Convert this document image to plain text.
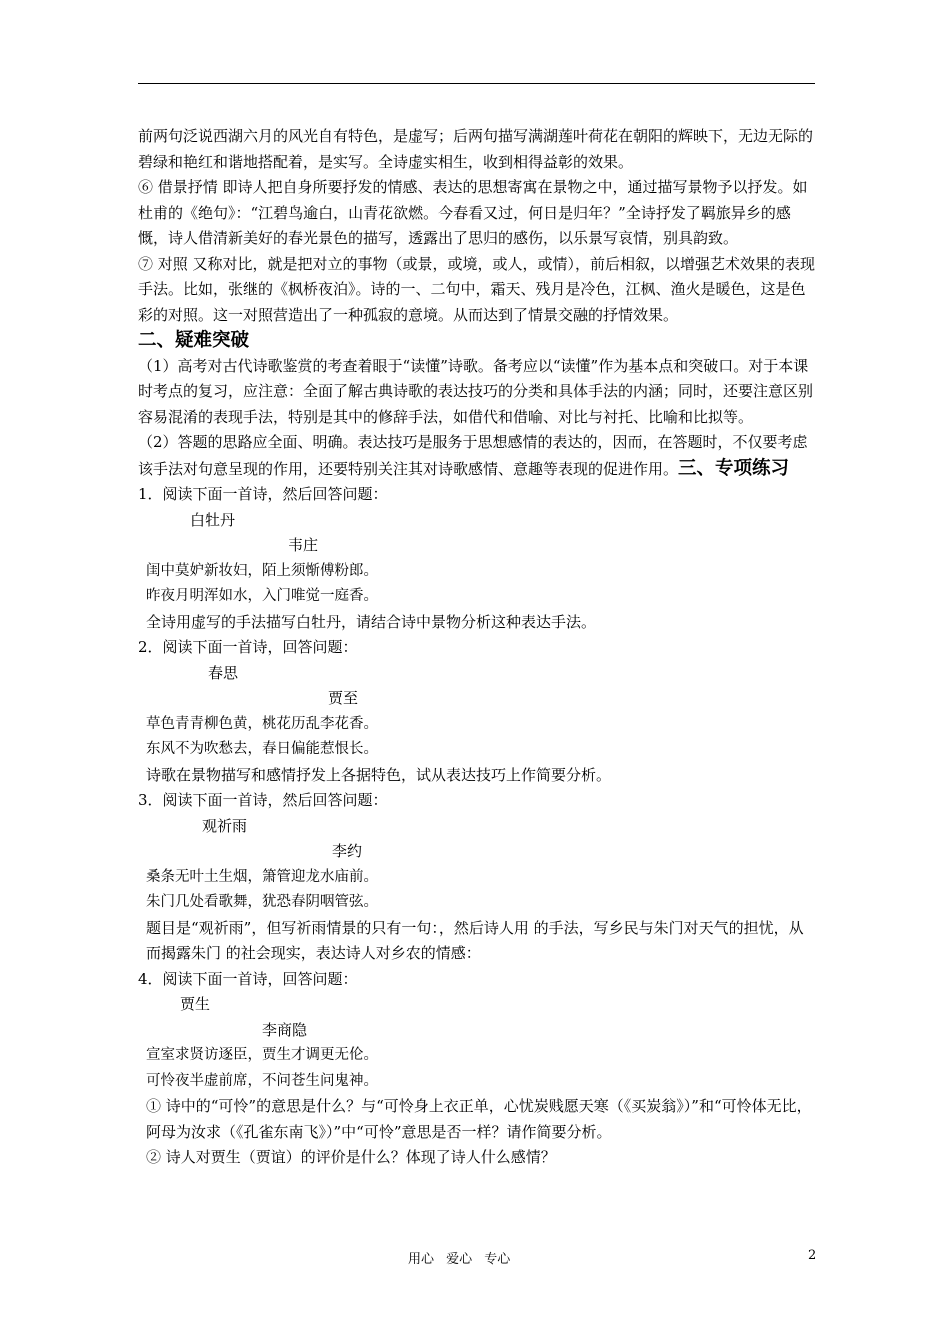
前两句泛说西湖六月的风光自有特色，是虚写；后两句描写满湖莲叶荷花在朝阳的辉映下，无边无际的碧绿和艳红和谐地搭配着，是实写。全诗虚实相生，收到相得益彰的效果。

⑥ 借景抒情 即诗人把自身所要抒发的情感、表达的思想寄寓在景物之中，通过描写景物予以抒发。如杜甫的《绝句》：“江碧鸟逾白，山青花欲燃。今春看又过，何日是归年？”全诗抒发了羁旅异乡的感慨，诗人借清新美好的春光景色的描写，透露出了思归的感伤，以乐景写哀情，别具韵致。

⑦ 对照 又称对比，就是把对立的事物（或景，或境，或人，或情），前后相叙，以增强艺术效果的表现手法。比如，张继的《枫桥夜泊》。诗的一、二句中，霜天、残月是冷色，江枫、渔火是暖色，这是色彩的对照。这一对照营造出了一种孤寂的意境。从而达到了情景交融的抒情效果。

二、疑难突破

（1）高考对古代诗歌鉴赏的考查着眼于“读懂”诗歌。备考应以“读懂”作为基本点和突破口。对于本课时考点的复习，应注意：全面了解古典诗歌的表达技巧的分类和具体手法的内涵；同时，还要注意区别容易混淆的表现手法，特别是其中的修辞手法，如借代和借喻、对比与衬托、比喻和比拟等。

（2）答题的思路应全面、明确。表达技巧是服务于思想感情的表达的，因而，在答题时，不仅要考虑该手法对句意呈现的作用，还要特别关注其对诗歌感情、意趣等表现的促进作用。三、专项练习

1．阅读下面一首诗，然后回答问题：

白牡丹

韦庄

闺中莫妒新妆妇，陌上须惭傅粉郎。

昨夜月明浑如水，入门唯觉一庭香。

全诗用虚写的手法描写白牡丹，请结合诗中景物分析这种表达手法。

2．阅读下面一首诗，回答问题：

春思

贾至

草色青青柳色黄，桃花历乱李花香。

东风不为吹愁去，春日偏能惹恨长。

诗歌在景物描写和感情抒发上各据特色，试从表达技巧上作简要分析。

3．阅读下面一首诗，然后回答问题：

观祈雨

李约

桑条无叶土生烟，箫管迎龙水庙前。

朱门几处看歌舞，犹恐春阴咽管弦。

题目是“观祈雨”，但写祈雨情景的只有一句：，然后诗人用 的手法，写乡民与朱门对天气的担忧，从而揭露朱门 的社会现实，表达诗人对乡农的情感：

4．阅读下面一首诗，回答问题：

贾生

李商隐

宣室求贤访逐臣，贾生才调更无伦。

可怜夜半虚前席，不问苍生问鬼神。

① 诗中的“可怜”的意思是什么？与“可怜身上衣正单，心忧炭贱愿天寒（《买炭翁》）”和“可怜体无比，阿母为汝求（《孔雀东南飞》）”中“可怜”意思是否一样？请作简要分析。

② 诗人对贾生（贾谊）的评价是什么？体现了诗人什么感情？

用心 爱心 专心	2
